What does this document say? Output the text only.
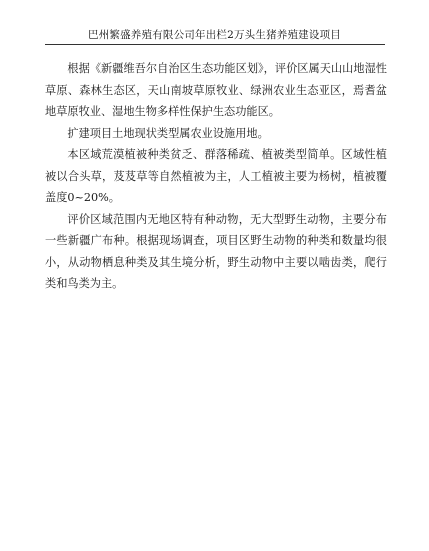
巴州繁盛养殖有限公司年出栏2万头生猪养殖建设项目

根据《新疆维吾尔自治区生态功能区划》，评价区属天山山地湿性草原、森林生态区，天山南坡草原牧业、绿洲农业生态亚区，焉耆盆地草原牧业、湿地生物多样性保护生态功能区。

扩建项目土地现状类型属农业设施用地。

本区域荒漠植被种类贫乏、群落稀疏、植被类型简单。区域性植被以合头草，芨芨草等自然植被为主，人工植被主要为杨树，植被覆盖度0~20%。

评价区域范围内无地区特有种动物，无大型野生动物，主要分布一些新疆广布种。根据现场调查，项目区野生动物的种类和数量均很小，从动物栖息种类及其生境分析，野生动物中主要以啮齿类，爬行类和鸟类为主。
